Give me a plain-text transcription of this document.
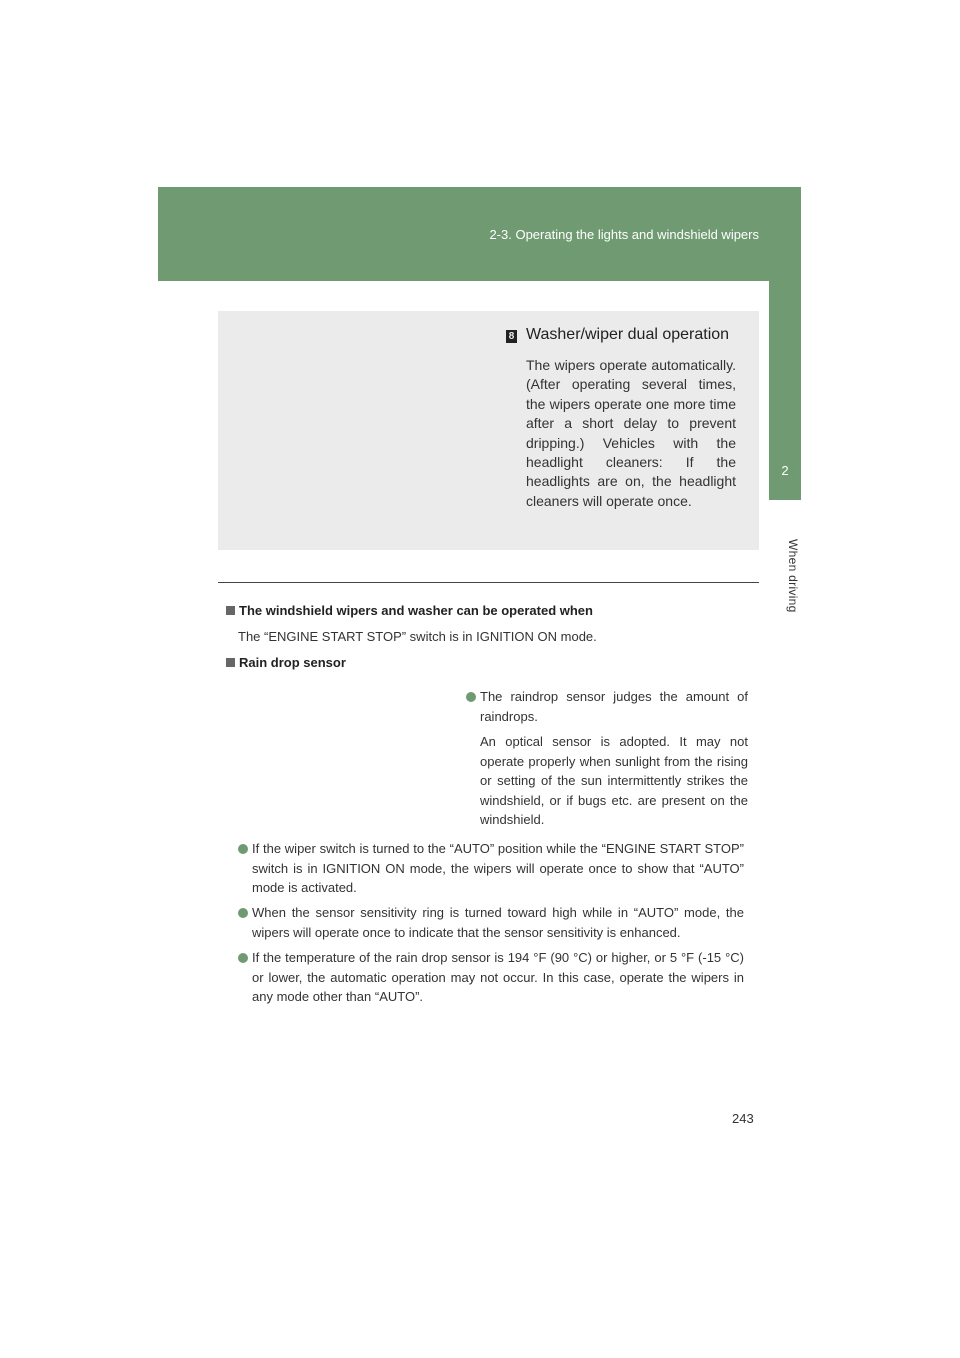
2-3. Operating the lights and windshield wipers
2
When driving
8 Washer/wiper dual operation
The wipers operate automatically. (After operating several times, the wipers operate one more time after a short delay to prevent dripping.) Vehicles with the headlight cleaners: If the headlights are on, the headlight cleaners will operate once.
The windshield wipers and washer can be operated when
The “ENGINE START STOP” switch is in IGNITION ON mode.
Rain drop sensor
The raindrop sensor judges the amount of raindrops.
An optical sensor is adopted. It may not operate properly when sunlight from the rising or setting of the sun intermittently strikes the windshield, or if bugs etc. are present on the windshield.
If the wiper switch is turned to the “AUTO” position while the “ENGINE START STOP” switch is in IGNITION ON mode, the wipers will operate once to show that “AUTO” mode is activated.
When the sensor sensitivity ring is turned toward high while in “AUTO” mode, the wipers will operate once to indicate that the sensor sensitivity is enhanced.
If the temperature of the rain drop sensor is 194 °F (90 °C) or higher, or 5 °F (-15 °C) or lower, the automatic operation may not occur. In this case, operate the wipers in any mode other than “AUTO”.
243
